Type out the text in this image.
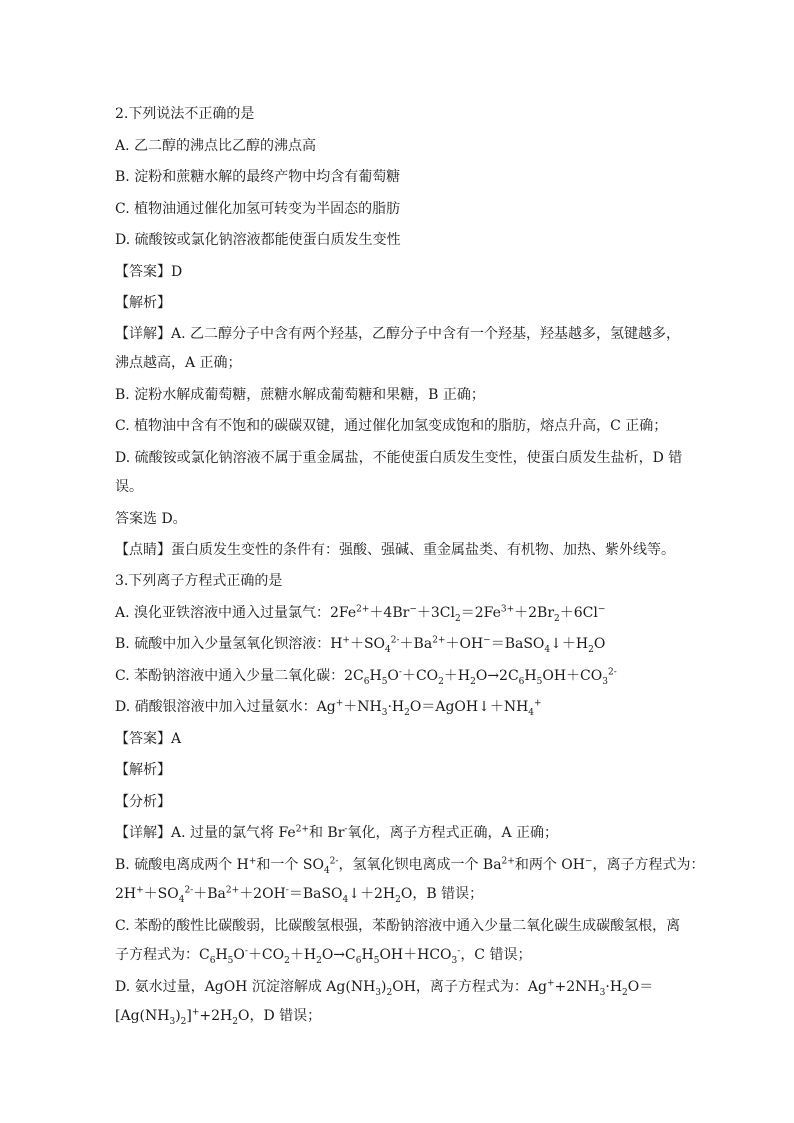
2.下列说法不正确的是
A. 乙二醇的沸点比乙醇的沸点高
B. 淀粉和蔗糖水解的最终产物中均含有葡萄糖
C. 植物油通过催化加氢可转变为半固态的脂肪
D. 硫酸铵或氯化钠溶液都能使蛋白质发生变性
【答案】D
【解析】
【详解】A. 乙二醇分子中含有两个羟基，乙醇分子中含有一个羟基，羟基越多，氢键越多，
沸点越高，A 正确；
B. 淀粉水解成葡萄糖，蔗糖水解成葡萄糖和果糖，B 正确；
C. 植物油中含有不饱和的碳碳双键，通过催化加氢变成饱和的脂肪，熔点升高，C 正确；
D. 硫酸铵或氯化钠溶液不属于重金属盐，不能使蛋白质发生变性，使蛋白质发生盐析，D 错
误。
答案选 D。
【点睛】蛋白质发生变性的条件有：强酸、强碱、重金属盐类、有机物、加热、紫外线等。
3.下列离子方程式正确的是
A. 溴化亚铁溶液中通入过量氯气：$2Fe^{2+}+4Br^-+3Cl_2=2Fe^{3+}+2Br_2+6Cl^-$
B. 硫酸中加入少量氢氧化钡溶液：$H^++SO_4^{2-}+Ba^{2+}+OH^-=BaSO_4↓+H_2O$
C. 苯酚钠溶液中通入少量二氧化碳：$2C_6H_5O^-+CO_2+H_2O\to 2C_6H_5OH+CO_3^{2-}$
D. 硝酸银溶液中加入过量氨水：$Ag^++NH_3\cdot H_2O=AgOH↓+NH_4^+$
【答案】A
【解析】
【分析】
【详解】A. 过量的氯气将 $Fe^{2+}$和 Br-氧化，离子方程式正确，A 正确；
B. 硫酸电离成两个 H+和一个 $SO_4^{2-}$，氢氧化钡电离成一个 $Ba^{2+}$和两个 OH−，离子方程式为：
$2H^++SO_4^{2-}+Ba^{2+}+2OH^-=BaSO_4↓+2H_2O$，B 错误；
C. 苯酚的酸性比碳酸弱，比碳酸氢根强，苯酚钠溶液中通入少量二氧化碳生成碳酸氢根，离
子方程式为：$C_6H_5O^-+CO_2+H_2O\to C_6H_5OH+HCO_3^-$，C 错误；
D. 氨水过量，AgOH 沉淀溶解成 $Ag(NH_3)_2OH$，离子方程式为：$Ag^++2NH_3\cdot H_2O=$
$[Ag(NH_3)_2]^++2H_2O$，D 错误；
